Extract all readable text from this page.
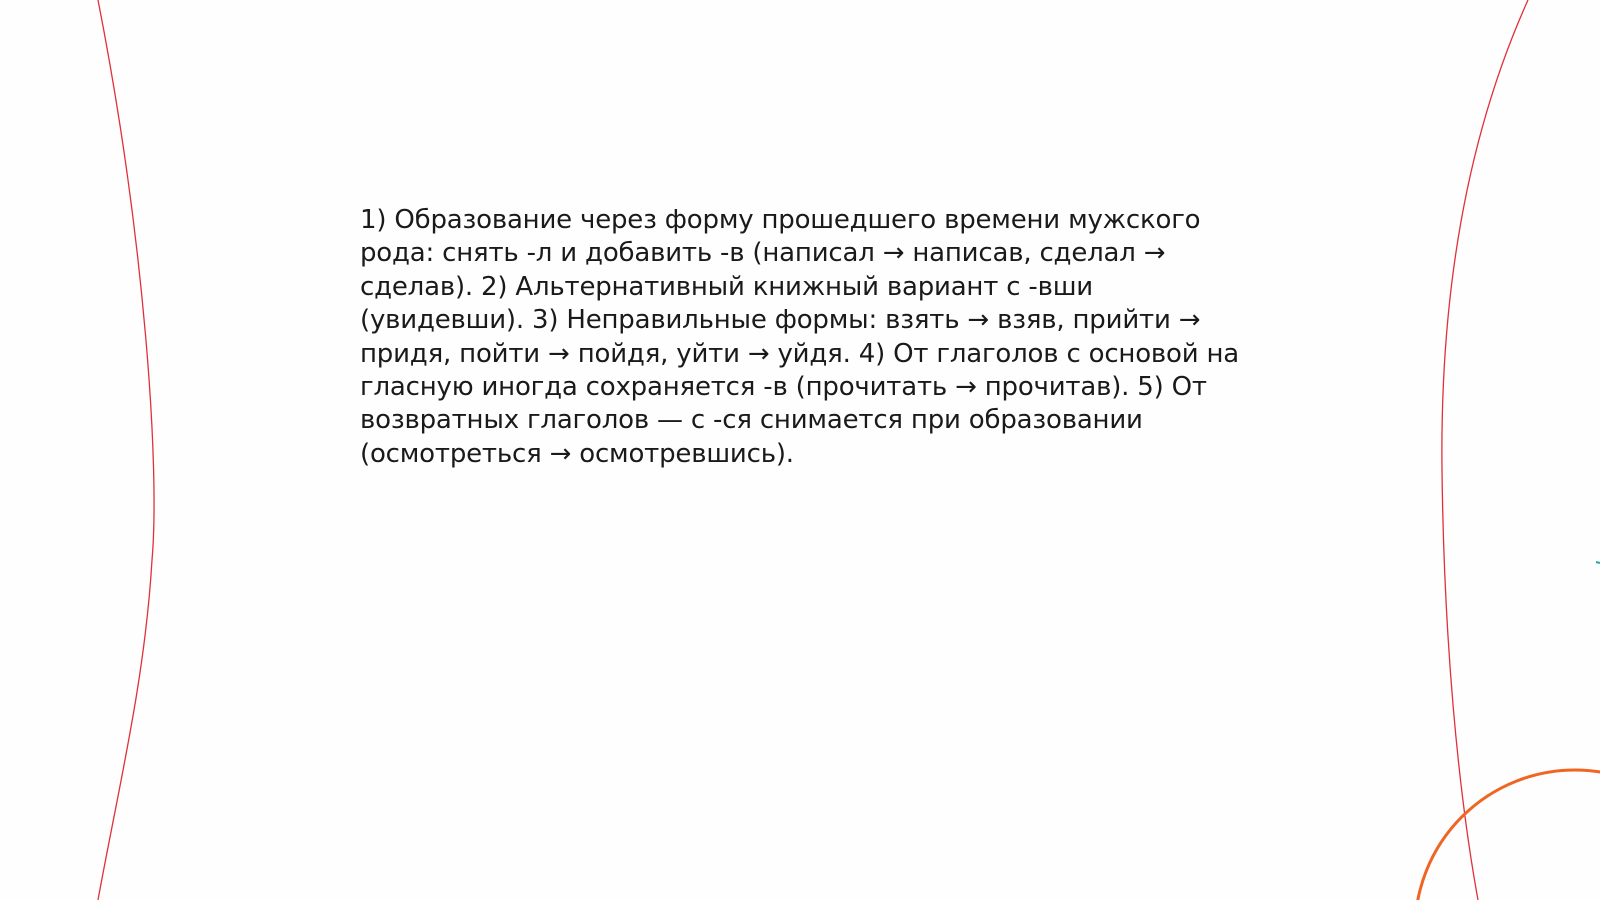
1) Образование через форму прошедшего времени мужского рода: снять -л и добавить -в (написал → написав, сделал → сделав). 2) Альтернативный книжный вариант с -вши (увидевши). 3) Неправильные формы: взять → взяв, прийти → придя, пойти → пойдя, уйти → уйдя. 4) От глаголов с основой на гласную иногда сохраняется -в (прочитать → прочитав). 5) От возвратных глаголов — с -ся снимается при образовании (осмотреться → осмотревшись).
